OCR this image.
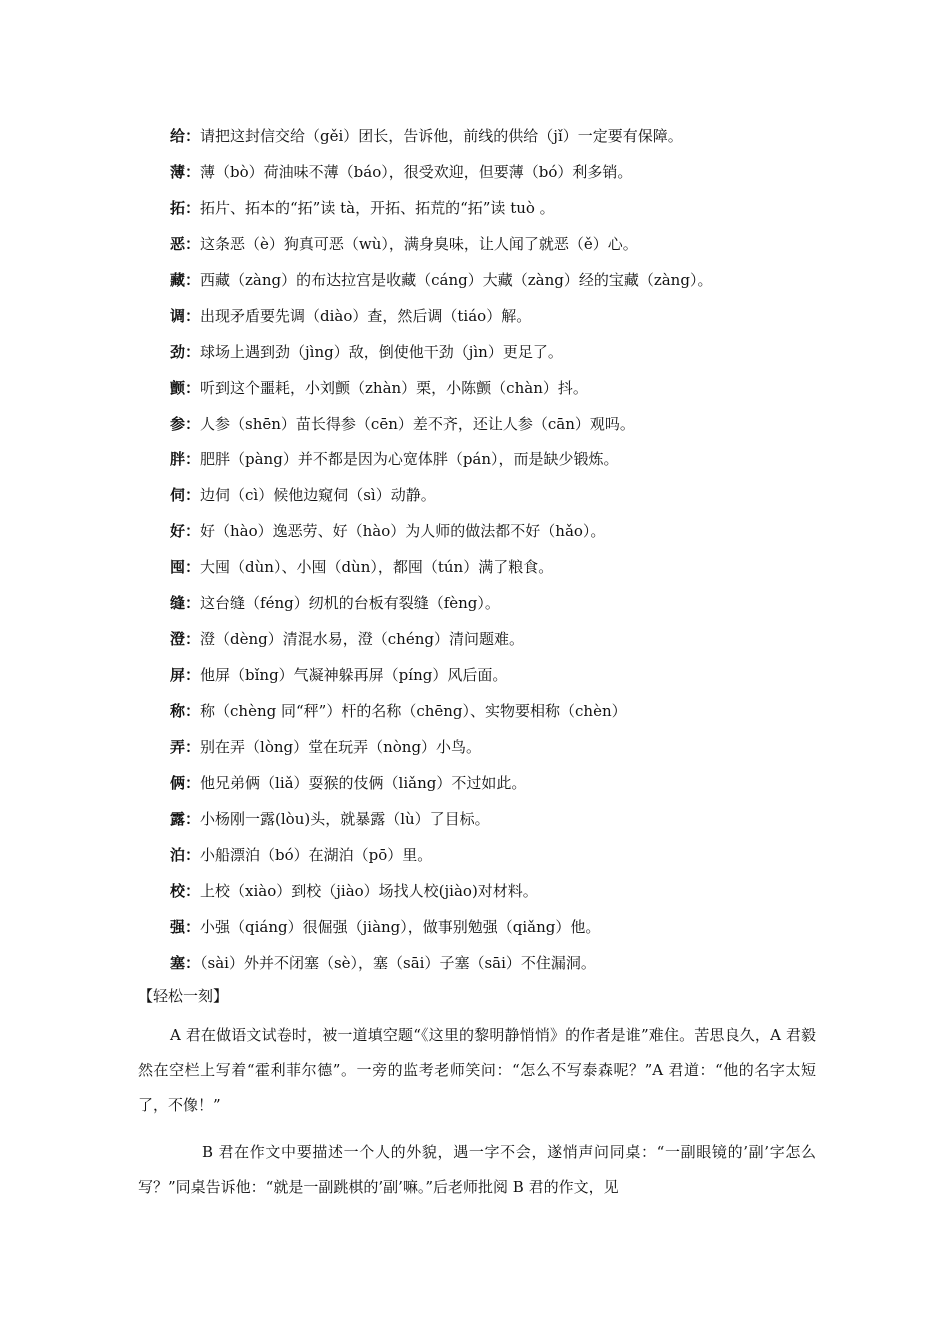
给：请把这封信交给（gěi）团长，告诉他，前线的供给（jǐ）一定要有保障。
薄：薄（bò）荷油味不薄（báo），很受欢迎，但要薄（bó）利多销。
拓：拓片、拓本的“拓”读 tà，开拓、拓荒的“拓”读 tuò 。
恶：这条恶（è）狗真可恶（wù），满身臭味，让人闻了就恶（ě）心。
藏：西藏（zàng）的布达拉宫是收藏（cáng）大藏（zàng）经的宝藏（zàng）。
调：出现矛盾要先调（diào）查，然后调（tiáo）解。
劲：球场上遇到劲（jìng）敌，倒使他干劲（jìn）更足了。
颤：听到这个噩耗，小刘颤（zhàn）栗，小陈颤（chàn）抖。
参：人参（shēn）苗长得参（cēn）差不齐，还让人参（cān）观吗。
胖：肥胖（pàng）并不都是因为心宽体胖（pán），而是缺少锻炼。
伺：边伺（cì）候他边窥伺（sì）动静。
好：好（hào）逸恶劳、好（hào）为人师的做法都不好（hǎo）。
囤：大囤（dùn）、小囤（dùn），都囤（tún）满了粮食。
缝：这台缝（féng）纫机的台板有裂缝（fèng）。
澄：澄（dèng）清混水易，澄（chéng）清问题难。
屏：他屏（bǐng）气凝神躲再屏（píng）风后面。
称：称（chèng 同“秤”）杆的名称（chēng）、实物要相称（chèn）
弄：别在弄（lòng）堂在玩弄（nòng）小鸟。
俩：他兄弟俩（liǎ）耍猴的伎俩（liǎng）不过如此。
露：小杨刚一露(lòu)头，就暴露（lù）了目标。
泊：小船漂泊（bó）在湖泊（pō）里。
校：上校（xiào）到校（jiào）场找人校(jiào)对材料。
强：小强（qiáng）很倔强（jiàng），做事别勉强（qiǎng）他。
塞：（sài）外并不闭塞（sè），塞（sāi）子塞（sāi）不住漏洞。
【轻松一刻】
A 君在做语文试卷时，被一道填空题“《这里的黎明静悄悄》的作者是谁”难住。苦思良久，A 君毅然在空栏上写着“霍利菲尔德”。一旁的监考老师笑问：“怎么不写泰森呢？”A 君道：“他的名字太短了，不像！”
B 君在作文中要描述一个人的外貌，遇一字不会，遂悄声问同桌：“一副眼镜的’副’字怎么写？”同桌告诉他：“就是一副跳棋的’副’嘛。”后老师批阅 B 君的作文，见
